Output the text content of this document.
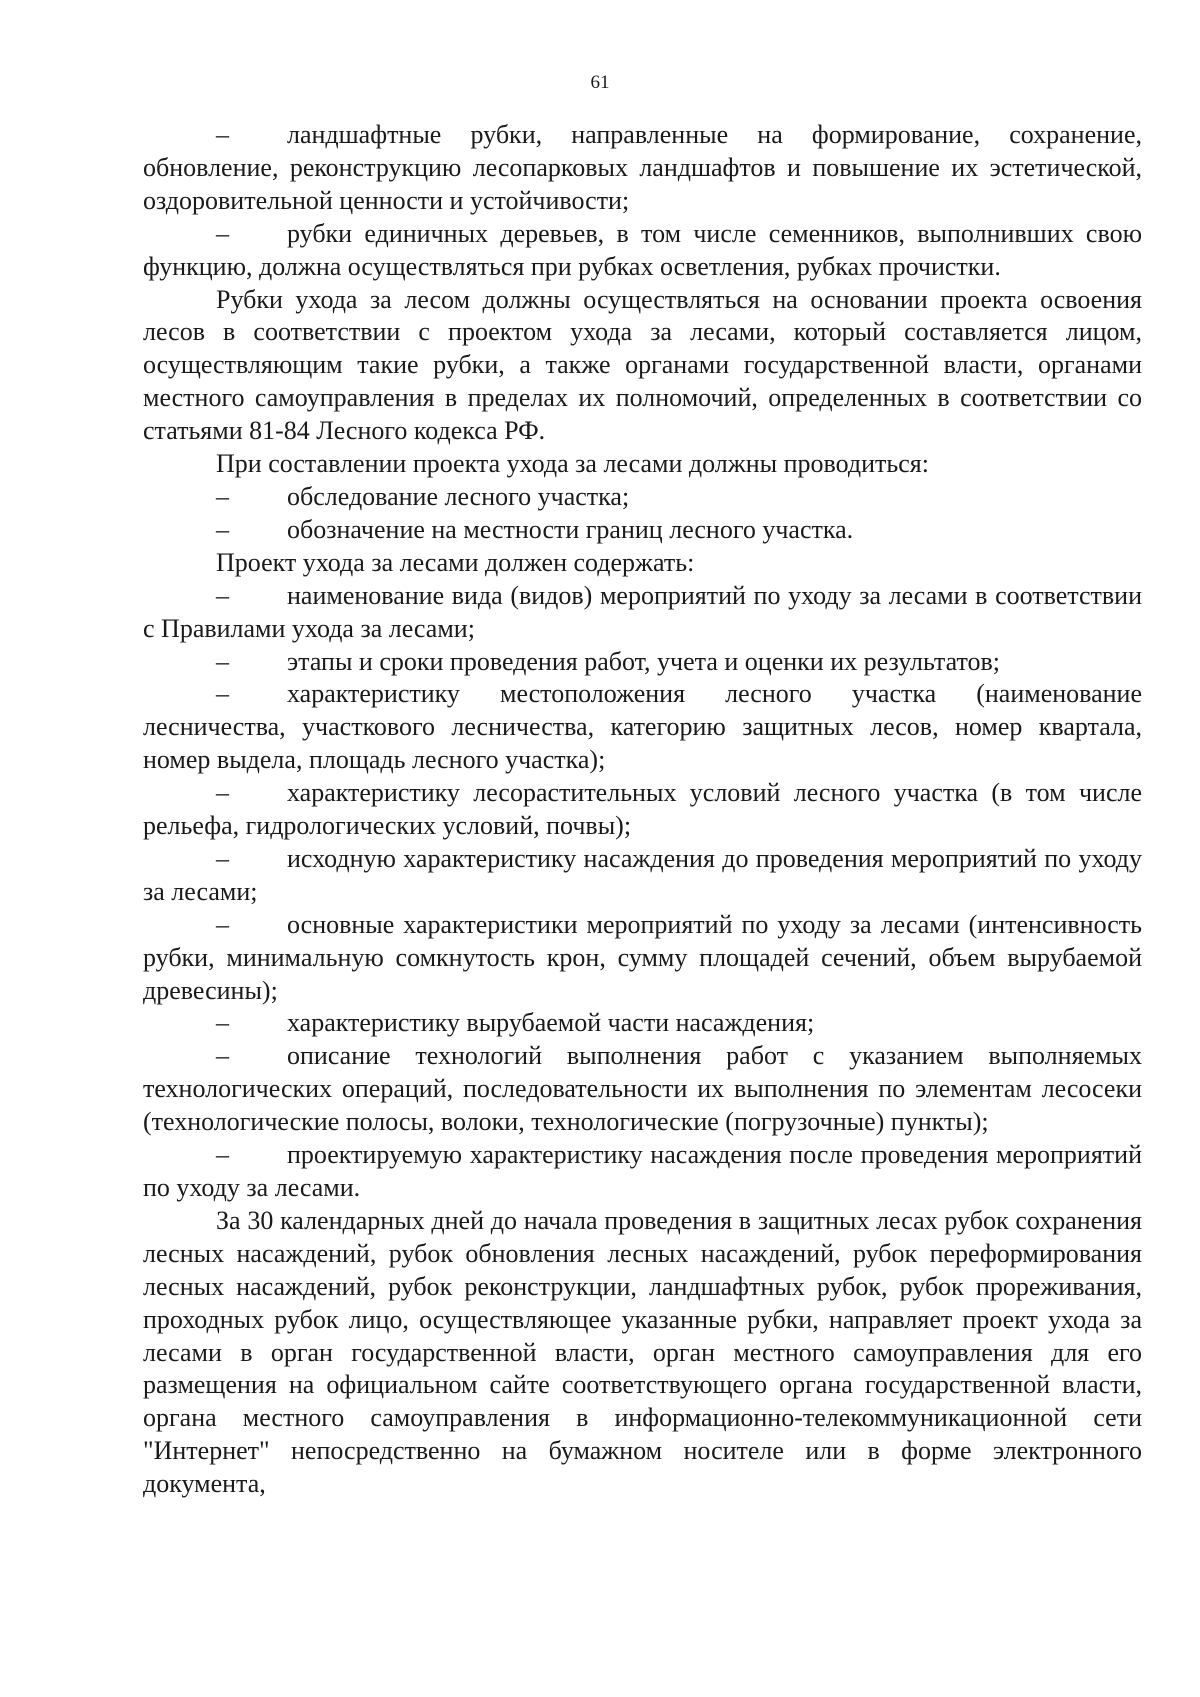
61

– ландшафтные рубки, направленные на формирование, сохранение, обновление, реконструкцию лесопарковых ландшафтов и повышение их эстетической, оздоровительной ценности и устойчивости;

– рубки единичных деревьев, в том числе семенников, выполнивших свою функцию, должна осуществляться при рубках осветления, рубках прочистки.

Рубки ухода за лесом должны осуществляться на основании проекта освоения лесов в соответствии с проектом ухода за лесами, который составляется лицом, осуществляющим такие рубки, а также органами государственной власти, органами местного самоуправления в пределах их полномочий, определенных в соответствии со статьями 81-84 Лесного кодекса РФ.

При составлении проекта ухода за лесами должны проводиться:

– обследование лесного участка;

– обозначение на местности границ лесного участка.

Проект ухода за лесами должен содержать:

– наименование вида (видов) мероприятий по уходу за лесами в соответствии с Правилами ухода за лесами;

– этапы и сроки проведения работ, учета и оценки их результатов;

– характеристику местоположения лесного участка (наименование лесничества, участкового лесничества, категорию защитных лесов, номер квартала, номер выдела, площадь лесного участка);

– характеристику лесорастительных условий лесного участка (в том числе рельефа, гидрологических условий, почвы);

– исходную характеристику насаждения до проведения мероприятий по уходу за лесами;

– основные характеристики мероприятий по уходу за лесами (интенсивность рубки, минимальную сомкнутость крон, сумму площадей сечений, объем вырубаемой древесины);

– характеристику вырубаемой части насаждения;

– описание технологий выполнения работ с указанием выполняемых технологических операций, последовательности их выполнения по элементам лесосеки (технологические полосы, волоки, технологические (погрузочные) пункты);

– проектируемую характеристику насаждения после проведения мероприятий по уходу за лесами.

За 30 календарных дней до начала проведения в защитных лесах рубок сохранения лесных насаждений, рубок обновления лесных насаждений, рубок переформирования лесных насаждений, рубок реконструкции, ландшафтных рубок, рубок прореживания, проходных рубок лицо, осуществляющее указанные рубки, направляет проект ухода за лесами в орган государственной власти, орган местного самоуправления для его размещения на официальном сайте соответствующего органа государственной власти, органа местного самоуправления в информационно-телекоммуникационной сети "Интернет" непосредственно на бумажном носителе или в форме электронного документа,
